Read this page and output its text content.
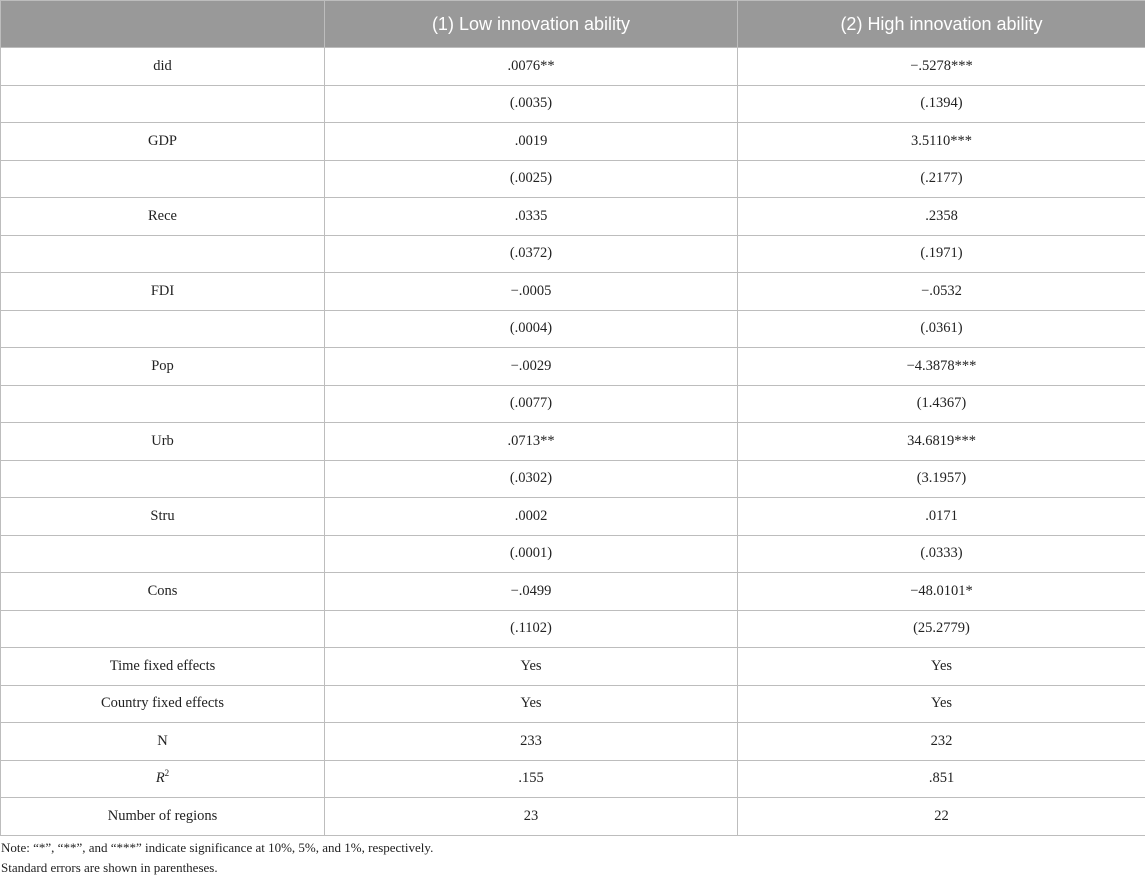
	(1) Low innovation ability	(2) High innovation ability
did	.0076**	−.5278***
	(.0035)	(.1394)
GDP	.0019	3.5110***
	(.0025)	(.2177)
Rece	.0335	.2358
	(.0372)	(.1971)
FDI	−.0005	−.0532
	(.0004)	(.0361)
Pop	−.0029	−4.3878***
	(.0077)	(1.4367)
Urb	.0713**	34.6819***
	(.0302)	(3.1957)
Stru	.0002	.0171
	(.0001)	(.0333)
Cons	−.0499	−48.0101*
	(.1102)	(25.2779)
Time fixed effects	Yes	Yes
Country fixed effects	Yes	Yes
N	233	232
$R^2$	.155	.851
Number of regions	23	22
Note: “*”, “**”, and “***” indicate significance at 10%, 5%, and 1%, respectively.
Standard errors are shown in parentheses.
